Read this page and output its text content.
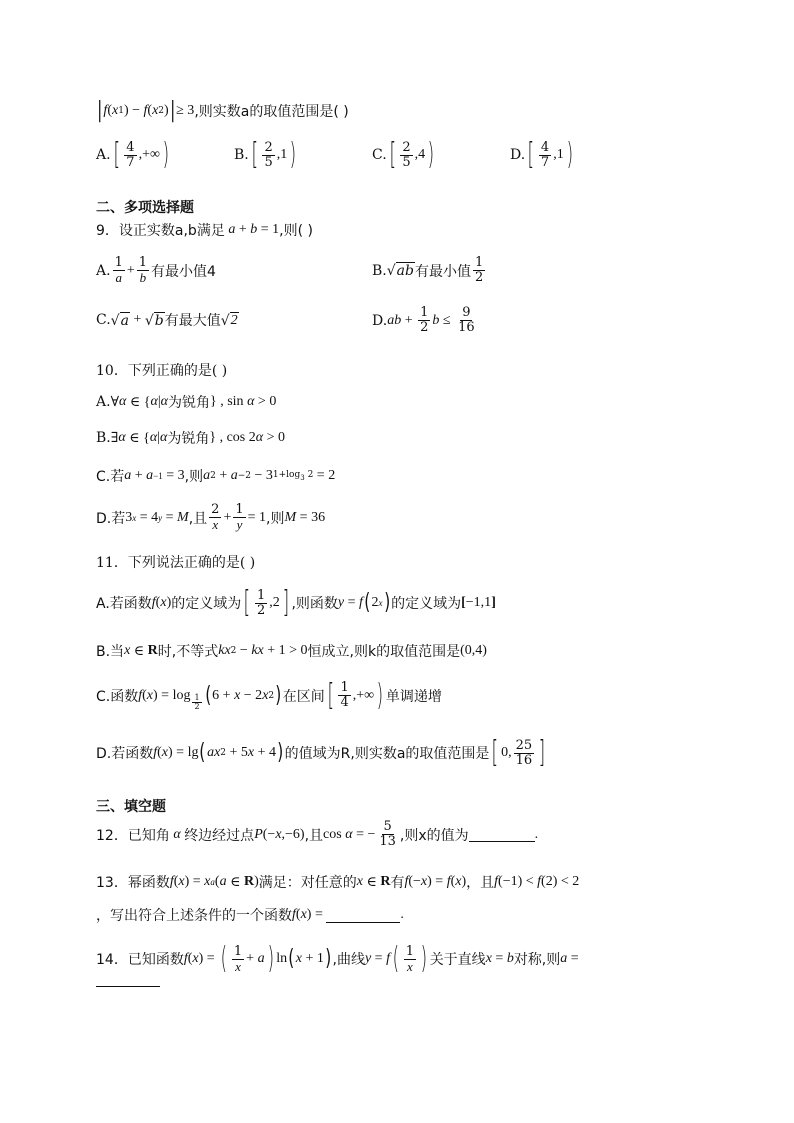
| f ( x 1 ) − f ( x 2 ) | ≥ 3 ,则实数a的取值范围是( )
A. [ $\frac{4}{7}$ ,+∞ )	B. [ $\frac{2}{5} ,1$ )	C. [ $\frac{2}{5} ,4$ )	D. [ $\frac{4}{7} ,1$ )
二、多项选择题
9．设正实数a,b满足 a + b = 1 ,则( )
A. $\frac{1}{a} + \frac{1}{b}$ 有最小值4	B. √ ab 有最小值 $\frac{1}{2}$
C. √ a + √ b 有最大值 √ 2	D. ab + $\frac{1}{2}$ $b \le \frac{9}{16}$
10．下列正确的是( )
A. ∀ α ∈ { α | α 为锐角 } , sin α > 0
B. ∃ α ∈ { α | α 为锐角 } , cos 2 α > 0
C.若 a + a −1 = 3 ,则 a 2 + a −2 − 3 $1+\log_3$ 2 = 2
D.若 3 x = 4 y = M ,且 $\frac{2}{x} + \frac{1}{y} = 1$ ,则 M = 36
11．下列说法正确的是( )
A.若函数 f ( x ) 的定义域为 [ $\frac{1}{2} ,2$ ] ,则函数 y = f ( 2 x ) 的定义域为 [ −1,1 ]
B.当 x ∈ R 时,不等式 kx 2 − kx + 1 > 0 恒成立,则k的取值范围是 (0,4)
C.函数 f ( x ) = $\log \frac{1}{2}$ ( 6 + x − 2 x 2 ) 在区间 [ $\frac{1}{4}$ ,+∞ ) 单调递增
D.若函数 f ( x ) = lg ( ax 2 + 5 x + 4 ) 的值域为R,则实数a的取值范围是 [ 0, $\frac{25}{16}$ ]
三、填空题
12．已知角 α 终边经过点 P (− x ,−6) ,且 cos α = − $\frac{5}{13}$ ,则x的值为	.
13．幂函数 f ( x ) = x a ( a ∈ R ) 满足：对任意的 x ∈ R 有 f (− x ) = f ( x ) ，且 f (−1) < f (2) < 2
，写出符合上述条件的一个函数 f ( x ) =	.
14．已知函数 f ( x ) = ( $\frac{1}{x} + a$ ) ln ( x + 1 ) ,曲线 y = f ( $\frac{1}{x}$ ) 关于直线 x = b 对称,则 a =
